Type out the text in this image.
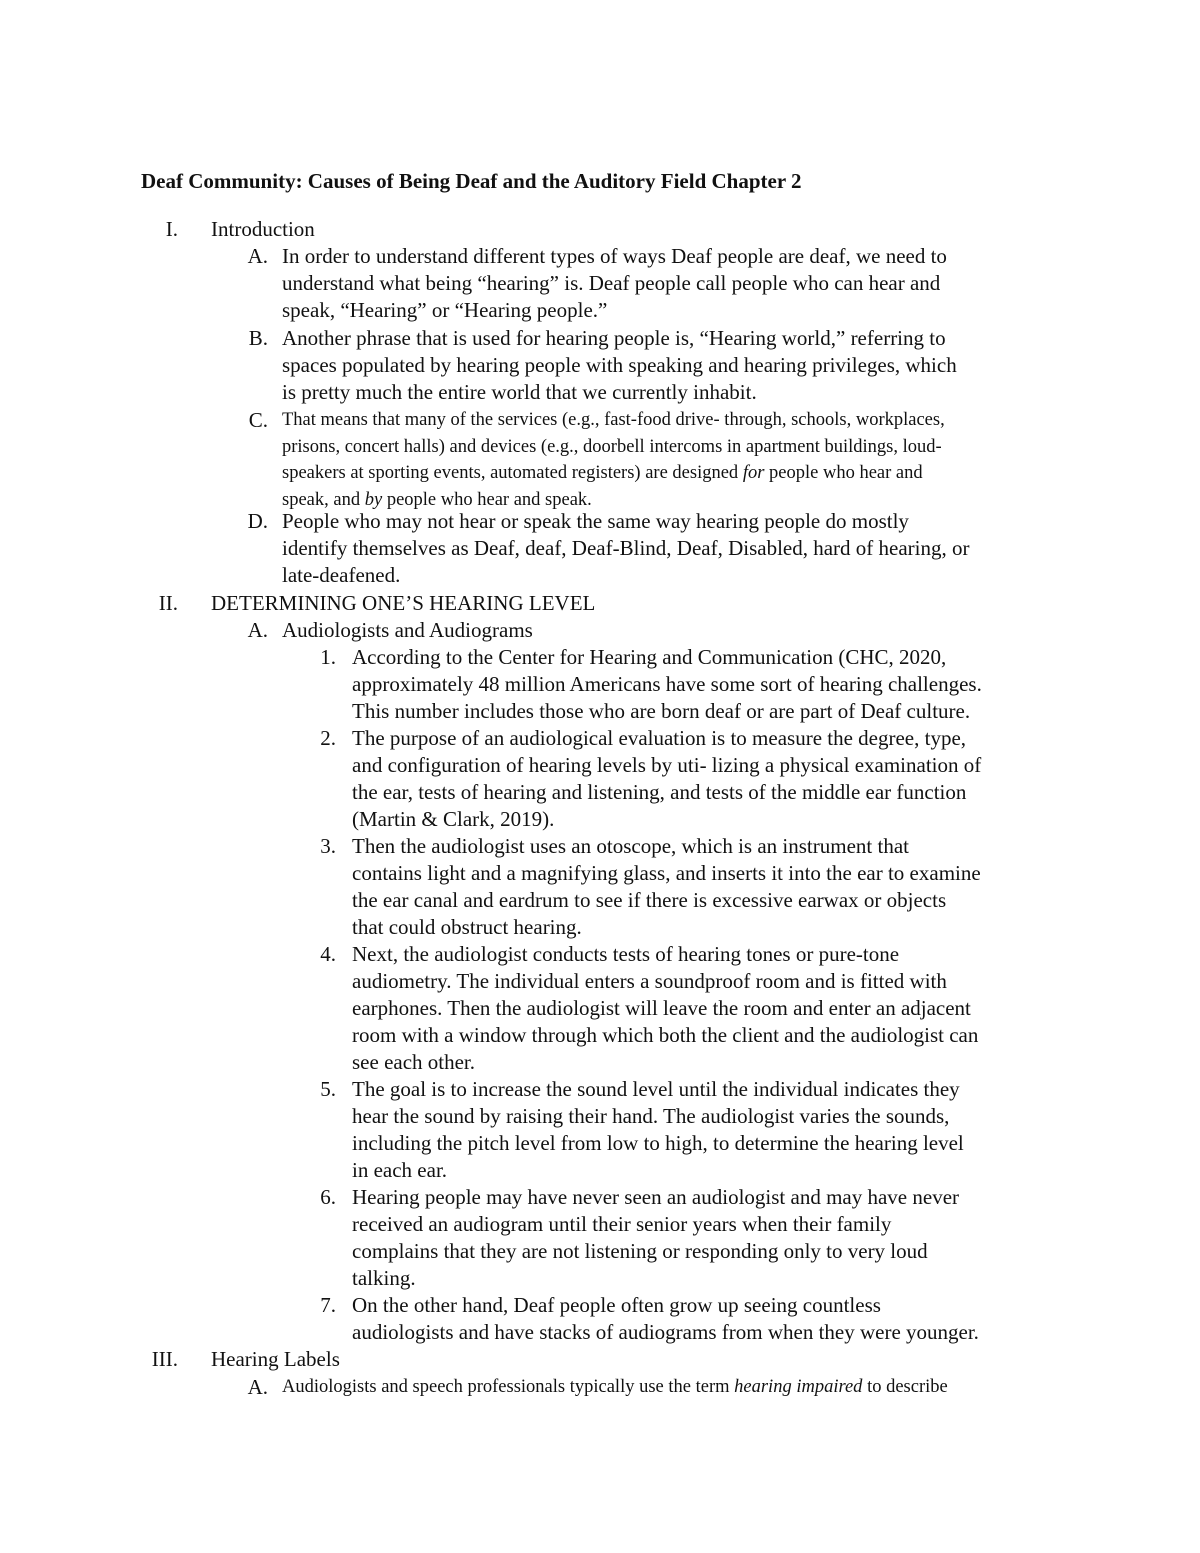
Deaf Community: Causes of Being Deaf and the Auditory Field Chapter 2
I. Introduction
A. In order to understand different types of ways Deaf people are deaf, we need to
understand what being “hearing” is. Deaf people call people who can hear and
speak, “Hearing” or “Hearing people.”
B. Another phrase that is used for hearing people is, “Hearing world,” referring to
spaces populated by hearing people with speaking and hearing privileges, which
is pretty much the entire world that we currently inhabit.
C. That means that many of the services (e.g., fast-food drive- through, schools, workplaces,
prisons, concert halls) and devices (e.g., doorbell intercoms in apartment buildings, loud-
speakers at sporting events, automated registers) are designed for people who hear and
speak, and by people who hear and speak.
D. People who may not hear or speak the same way hearing people do mostly
identify themselves as Deaf, deaf, Deaf-Blind, Deaf, Disabled, hard of hearing, or
late-deafened.
II. DETERMINING ONE’S HEARING LEVEL
A. Audiologists and Audiograms
1. According to the Center for Hearing and Communication (CHC, 2020,
approximately 48 million Americans have some sort of hearing challenges.
This number includes those who are born deaf or are part of Deaf culture.
2. The purpose of an audiological evaluation is to measure the degree, type,
and configuration of hearing levels by uti- lizing a physical examination of
the ear, tests of hearing and listening, and tests of the middle ear function
(Martin & Clark, 2019).
3. Then the audiologist uses an otoscope, which is an instrument that
contains light and a magnifying glass, and inserts it into the ear to examine
the ear canal and eardrum to see if there is excessive earwax or objects
that could obstruct hearing.
4. Next, the audiologist conducts tests of hearing tones or pure-tone
audiometry. The individual enters a soundproof room and is fitted with
earphones. Then the audiologist will leave the room and enter an adjacent
room with a window through which both the client and the audiologist can
see each other.
5. The goal is to increase the sound level until the individual indicates they
hear the sound by raising their hand. The audiologist varies the sounds,
including the pitch level from low to high, to determine the hearing level
in each ear.
6. Hearing people may have never seen an audiologist and may have never
received an audiogram until their senior years when their family
complains that they are not listening or responding only to very loud
talking.
7. On the other hand, Deaf people often grow up seeing countless
audiologists and have stacks of audiograms from when they were younger.
III. Hearing Labels
A. Audiologists and speech professionals typically use the term hearing impaired to describe
